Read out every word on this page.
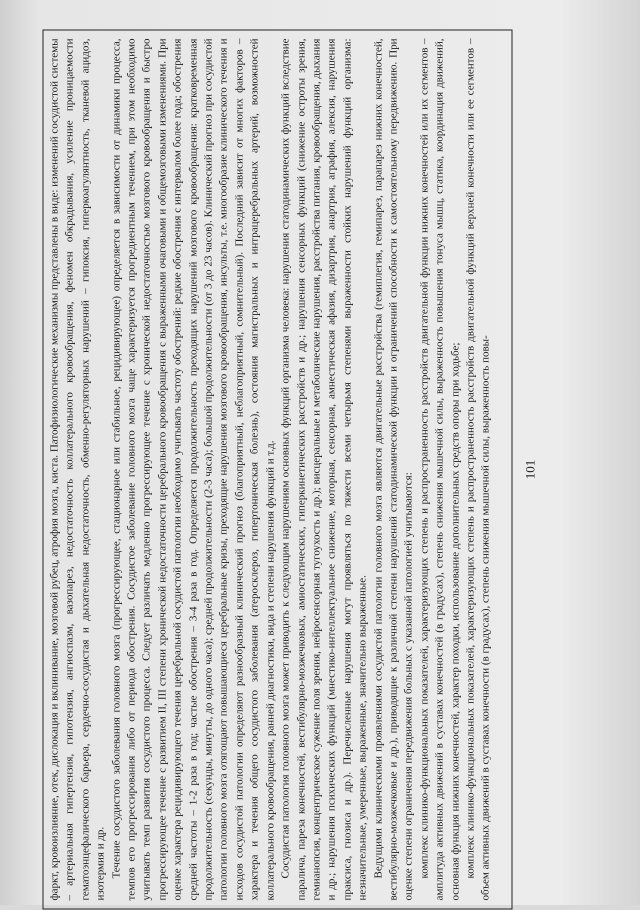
фаркт, кровоизлияние, отек, дислокация и вклинивание, мозговой рубец, атрофия мозга, киста. Патофизиологические механизмы представлены в виде: изменений сосудистой системы – артериальная гипертензия, гипотензия, ангиоспазм, вазопарез, недостаточность коллатерального кровообращения, феномен обкрадывания, усиление проницаемости гематоэнцефалического барьера, сердечно-сосудистая и дыхательная недостаточность, обменно-регуляторных нарушений – гипоксия, гиперкоагулянтность, тканевой ацидоз, изотермия и др. Течение сосудистого заболевания головного мозга (прогрессирующее, стационарное или стабильное, рецидивирующее) определяется в зависимости от динамики процесса, темпов его прогрессирования либо от периода обострения. Сосудистое заболевание головного мозга чаще характеризуется прогредиентным течением, при этом необходимо учитывать темп развития сосудистого процесса. Следует различать медленно прогрессирующее течение с хронической недостаточностью мозгового кровообращения и быстро прогрессирующее течение с развитием II, III степени хронической недостаточности церебрального кровообращения с выраженными очаговыми и общемозговыми изменениями. При оценке характера рецидивирующего течения церебральной сосудистой патологии необходимо учитывать частоту обострений: редкие обострения с интервалом более года; обострения средней частоты – 1-2 раза в год; частые обострения – 3-4 раза в год. Определяется продолжительность преходящих нарушений мозгового кровообращения: кратковременная продолжительность (секунды, минуты, до одного часа); средней продолжительности (2-3 часа); большой продолжительности (от 3 до 23 часов). Клинический прогноз при сосудистой патологии головного мозга отягощают повышающиеся церебральные кризы, преходящие нарушения мозгового кровообращения, инсульты, т.е. многообразие клинического течения и исходов сосудистой патологии определяют разнообразный клинический прогноз (благоприятный, неблагоприятный, сомнительный). Последний зависит от многих факторов – характера и течения общего сосудистого заболевания (атеросклероз, гипертоническая болезнь), состояния магистральных и интрацеребральных артерий, возможностей коллатерального кровообращения, ранней диагностики, вида и степени нарушения функций и т.д. Сосудистая патология головного мозга может приводить к следующим нарушениям основных функций организма человека: нарушения статодинамических функций вследствие паралича, пареза конечностей, вестибулярно-мозжечковых, амиостатических, гиперкинетических расстройств и др.; нарушения сенсорных функций (снижение остроты зрения, гемианопсия, концентрическое сужение поля зрения, нейросенсорная тугоухость и др.); висцеральные и метаболические нарушения, расстройства питания, кровообращения, дыхания и др.; нарушения психических функций (мнестико-интеллектуальное снижение, моторная, сенсорная, амнестическая афазия, дизартрия, анартрия, аграфия, алексия, нарушения праксиса, гнозиса и др.). Перечисленные нарушения могут проявляться по тяжести всеми четырьмя степенями выраженности стойких нарушений функций организма: незначительные, умеренные, выраженные, значительно выраженные. Ведущими клиническими проявлениями сосудистой патологии головного мозга являются двигательные расстройства (гемиплегия, гемипарез, парапарез нижних конечностей, вестибулярно-мозжечковые и др.), приводящие к различной степени нарушений статодинамической функции и ограничений способности к самостоятельному передвижению. При оценке степени ограничения передвижения больных с указанной патологией учитываются: комплекс клинико-функциональных показателей, характеризующих степень и распространенность расстройств двигательной функции нижних конечностей или их сегментов – амплитуда активных движений в суставах конечностей (в градусах), степень снижения мышечной силы, выраженность повышения тонуса мышц, статика, координация движений, основная функция нижних конечностей, характер походки, использование дополнительных средств опоры при ходьбе; комплекс клинико-функциональных показателей, характеризующих степень и распространенность расстройств двигательной функций верхней конечности или ее сегментов – объем активных движений в суставах конечности (в градусах), степень снижения мышечной силы, выраженность повы- 101
